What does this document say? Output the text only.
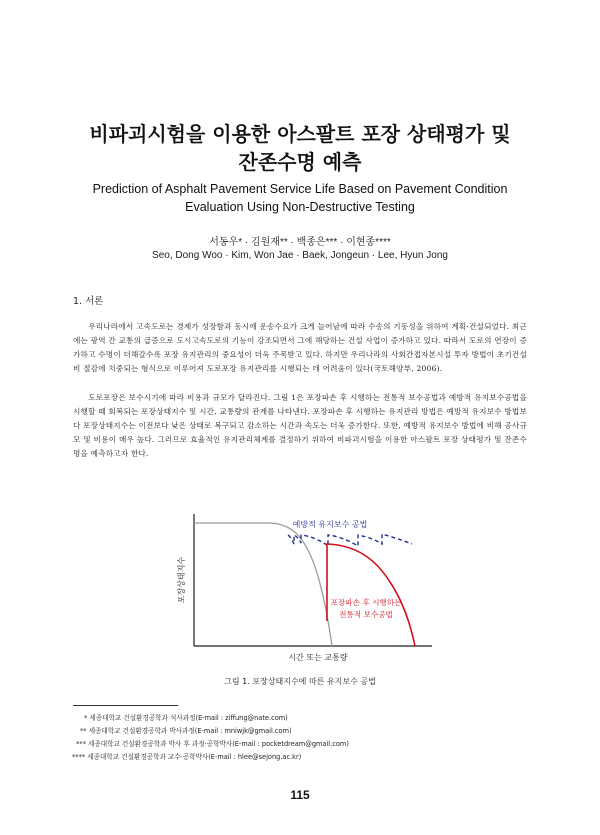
비파괴시험을 이용한 아스팔트 포장 상태평가 및
잔존수명 예측
Prediction of Asphalt Pavement Service Life Based on Pavement Condition
Evaluation Using Non-Destructive Testing
서동우* · 김원재** · 백종은*** · 이현종****
Seo, Dong Woo · Kim, Won Jae · Baek, Jongeun · Lee, Hyun Jong
1. 서론

우리나라에서 고속도로는 경제가 성장함과 동시에 운송수요가 크게 늘어남에 따라 수송의 기동성을 위하여 계획·건설되었다. 최근에는 광역 간 교통의 급증으로 도시고속도로의 기능이 강조되면서 그에 해당하는 건설 사업이 증가하고 있다. 따라서 도로의 연장이 증가하고 수명이 더해갈수록 포장 유지관리의 중요성이 더욱 주목받고 있다. 하지만 우리나라의 사회간접자본시설 투자 방법이 초기건설비 절감에 치중되는 형식으로 이루어져 도로포장 유지관리를 시행되는 데 어려움이 있다(국토해양부, 2006).

도로포장은 보수시기에 따라 비용과 규모가 달라진다. 그림 1은 포장파손 후 시행하는 전통적 보수공법과 예방적 유지보수공법을 시행할 때 회복되는 포장상태지수 및 시간, 교통량의 관계를 나타낸다. 포장파손 후 시행하는 유지관리 방법은 예방적 유지보수 방법보다 포장상태지수는 이전보다 낮은 상태로 복구되고 감소하는 시간과 속도는 더욱 증가한다. 또한, 예방적 유지보수 방법에 비해 공사규모 및 비용이 매우 높다. 그러므로 효율적인 유지관리체계를 결정하기 위하여 비파괴시험을 이용한 아스팔트 포장 상태평가 및 잔존수명을 예측하고자 한다.

예방적 유지보수 공법
포장파손 후 시행하는
전통적 보수공법
포장상태지수
시간 또는 교통량
그림 1. 포장상태지수에 따른 유지보수 공법
* 세종대학교 건설환경공학과 석사과정(E-mail : ziffung@nate.com)
** 세종대학교 건설환경공학과 박사과정(E-mail : mniwjk@gmail.com)
*** 세종대학교 건설환경공학과 박사 후 과정·공학박사(E-mail : pocketdream@gmail.com)
**** 세종대학교 건설환경공학과 교수·공학박사(E-mail : hlee@sejong.ac.kr)
115
